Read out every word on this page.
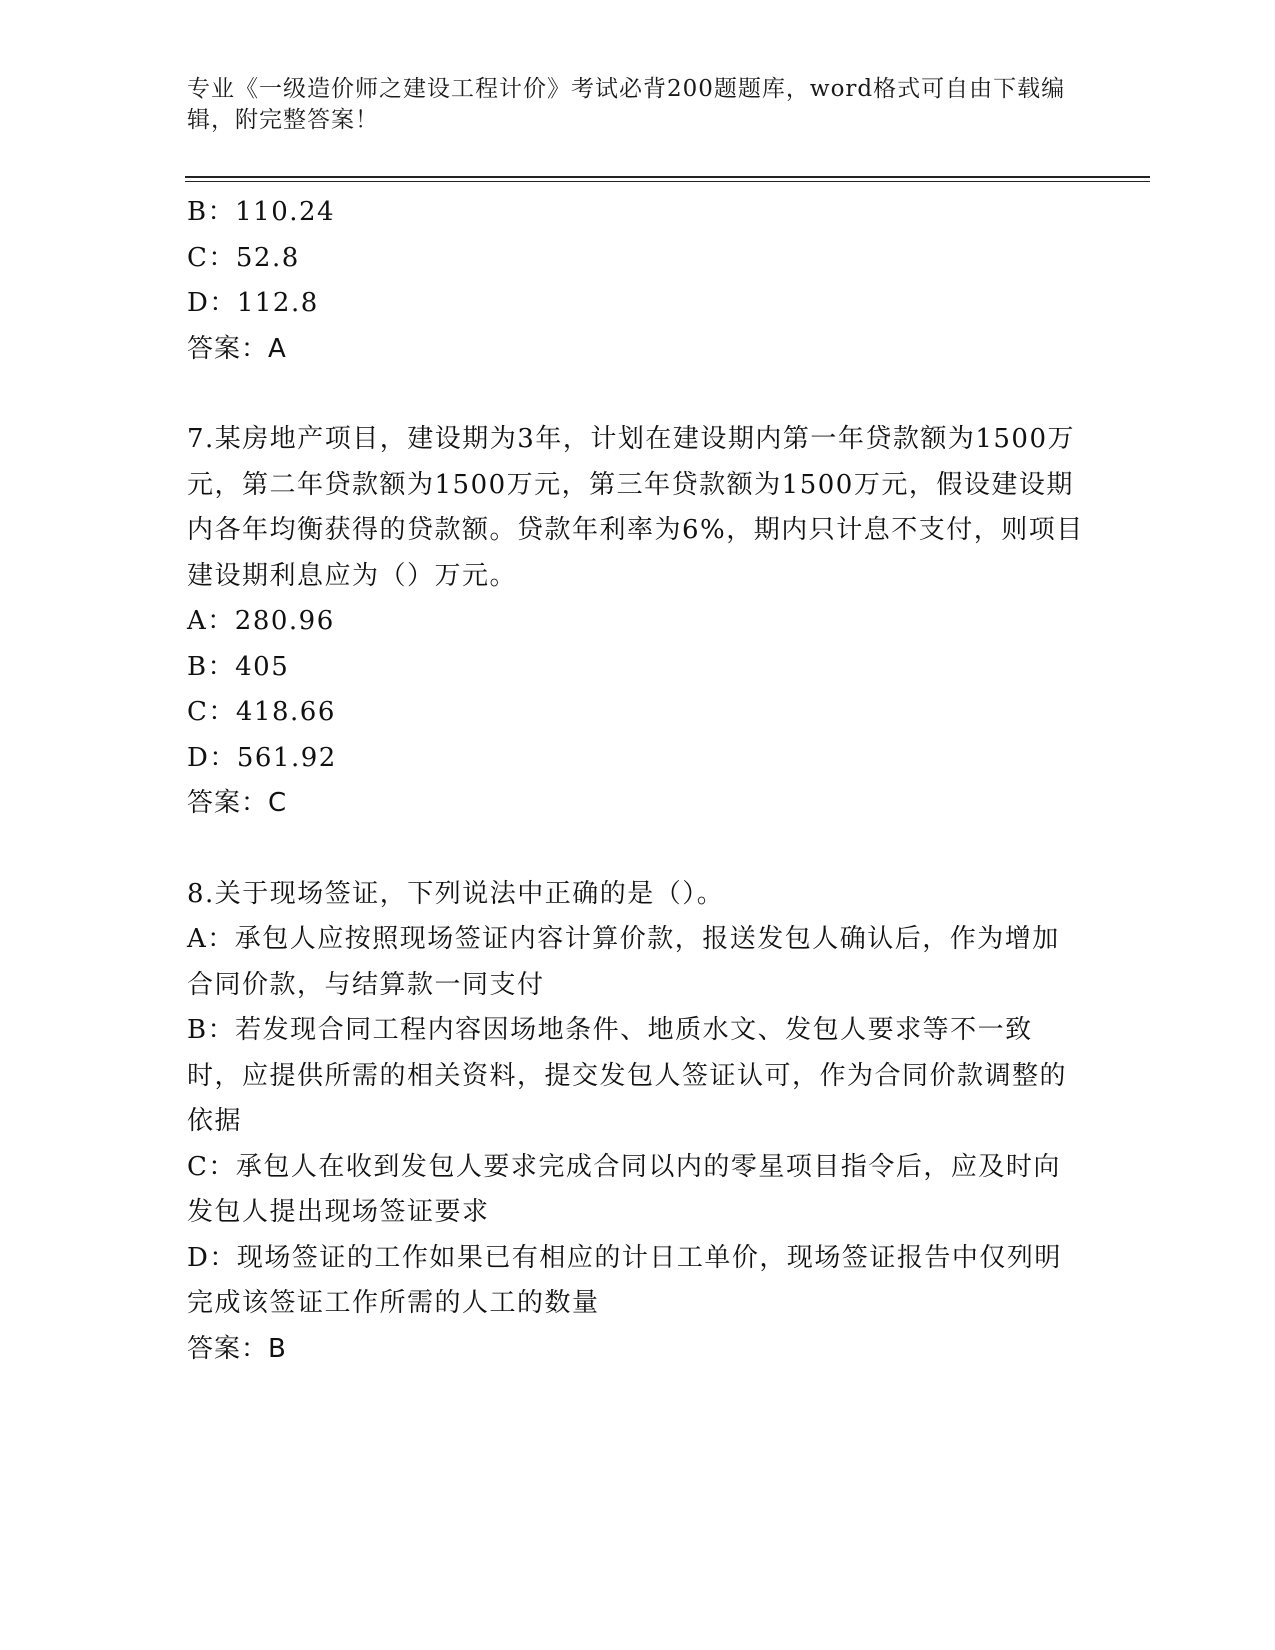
专业《一级造价师之建设工程计价》考试必背200题题库，word格式可自由下载编辑，附完整答案！
B：110.24
C：52.8
D：112.8
答案：A
7.某房地产项目，建设期为3年，计划在建设期内第一年贷款额为1500万元，第二年贷款额为1500万元，第三年贷款额为1500万元，假设建设期内各年均衡获得的贷款额。贷款年利率为6%，期内只计息不支付，则项目建设期利息应为（）万元。
A：280.96
B：405
C：418.66
D：561.92
答案：C
8.关于现场签证，下列说法中正确的是（）。
A：承包人应按照现场签证内容计算价款，报送发包人确认后，作为增加合同价款，与结算款一同支付
B：若发现合同工程内容因场地条件、地质水文、发包人要求等不一致时，应提供所需的相关资料，提交发包人签证认可，作为合同价款调整的依据
C：承包人在收到发包人要求完成合同以内的零星项目指令后，应及时向发包人提出现场签证要求
D：现场签证的工作如果已有相应的计日工单价，现场签证报告中仅列明完成该签证工作所需的人工的数量
答案：B
